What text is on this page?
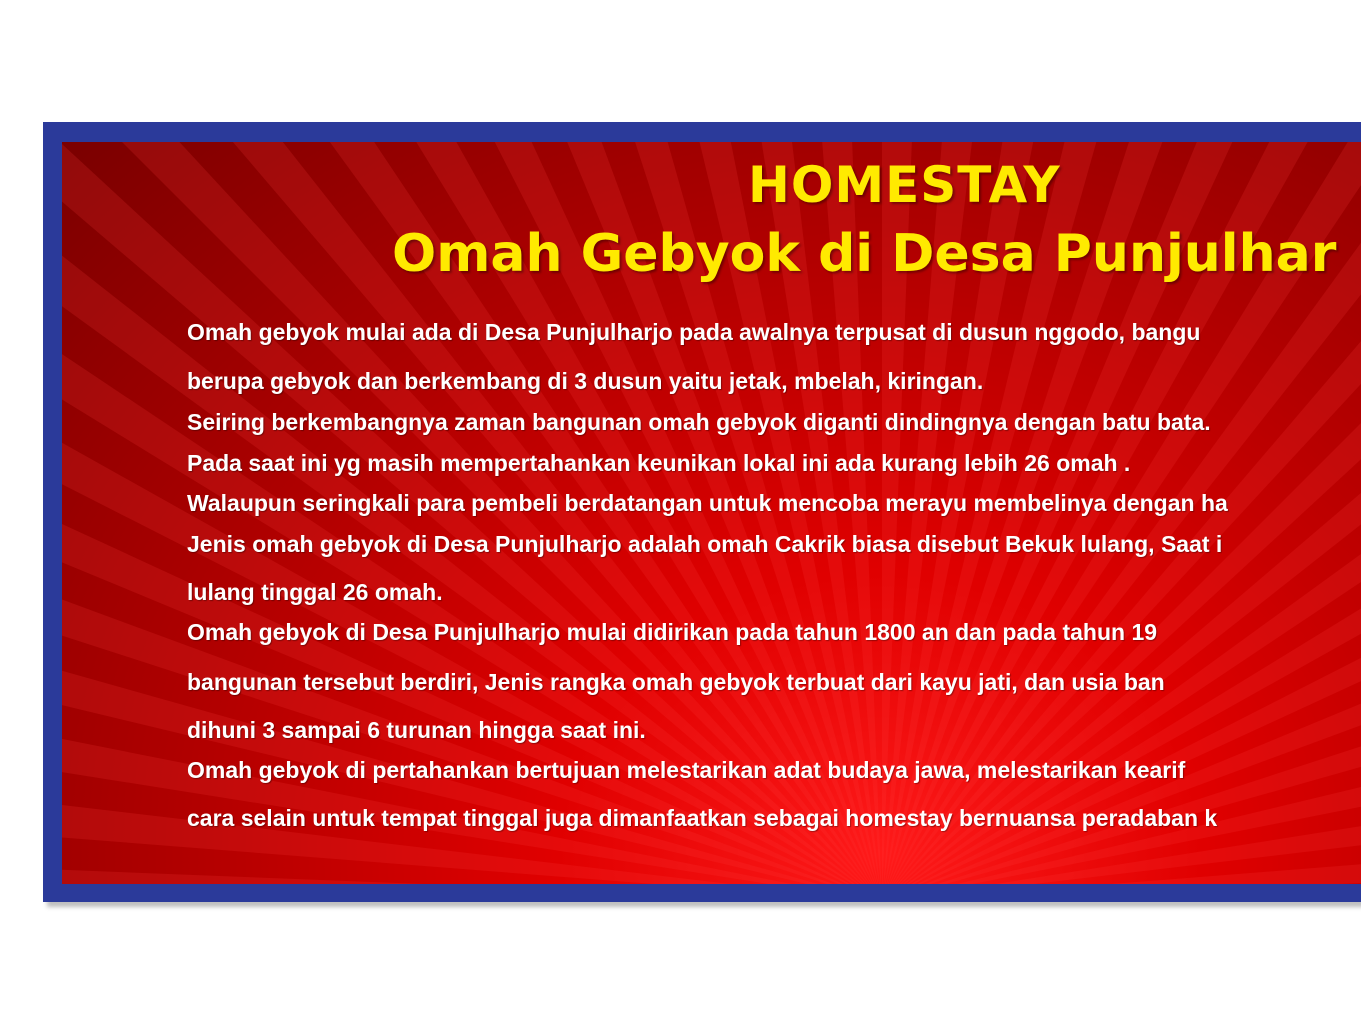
HOMESTAY
Omah Gebyok di Desa Punjulhar

Omah gebyok mulai ada di Desa Punjulharjo pada awalnya terpusat di dusun nggodo, bangu

berupa gebyok dan berkembang di 3 dusun yaitu jetak, mbelah, kiringan.

Seiring berkembangnya zaman bangunan omah gebyok diganti dindingnya dengan batu bata.

Pada saat ini yg masih mempertahankan keunikan lokal ini ada kurang lebih 26 omah .

Walaupun seringkali para pembeli berdatangan untuk mencoba merayu membelinya dengan ha

Jenis omah gebyok di Desa Punjulharjo adalah omah Cakrik biasa disebut Bekuk lulang, Saat i

lulang tinggal 26 omah.

Omah gebyok di Desa Punjulharjo mulai didirikan pada tahun 1800 an dan pada tahun 19

bangunan tersebut berdiri, Jenis rangka omah gebyok terbuat dari kayu jati, dan usia ban

dihuni 3 sampai 6 turunan hingga saat ini.

Omah gebyok di pertahankan bertujuan melestarikan adat budaya jawa, melestarikan kearif

cara selain untuk tempat tinggal juga dimanfaatkan sebagai homestay bernuansa peradaban k
